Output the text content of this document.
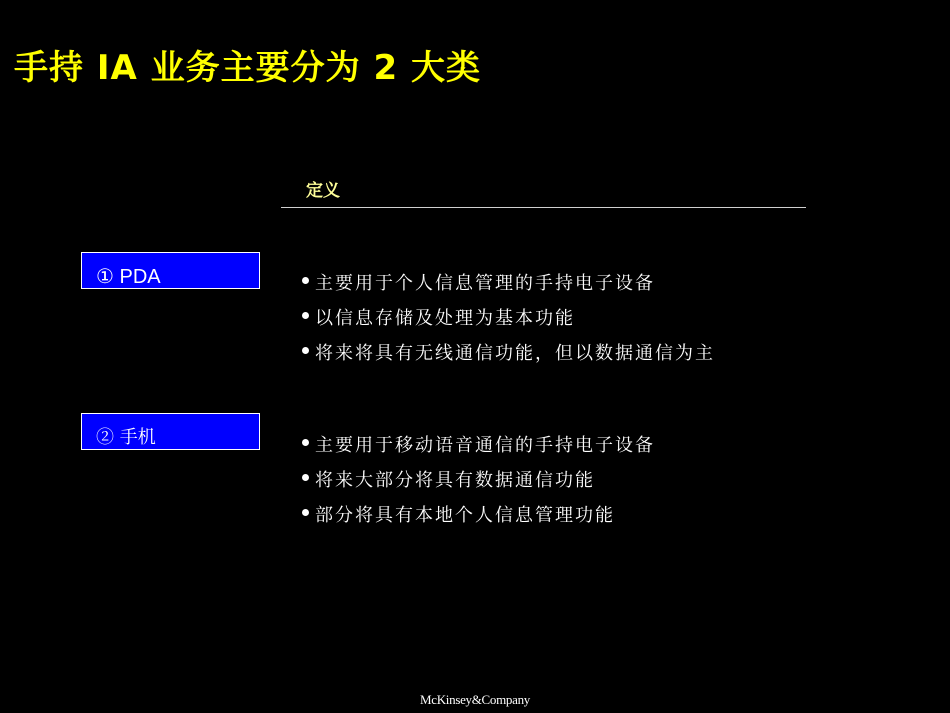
手持 IA 业务主要分为 2 大类
定义
① PDA	主要用于个人信息管理的手持电子设备
以信息存储及处理为基本功能
将来将具有无线通信功能，但以数据通信为主
② 手机	主要用于移动语音通信的手持电子设备
将来大部分将具有数据通信功能
部分将具有本地个人信息管理功能
McKinsey&Company
